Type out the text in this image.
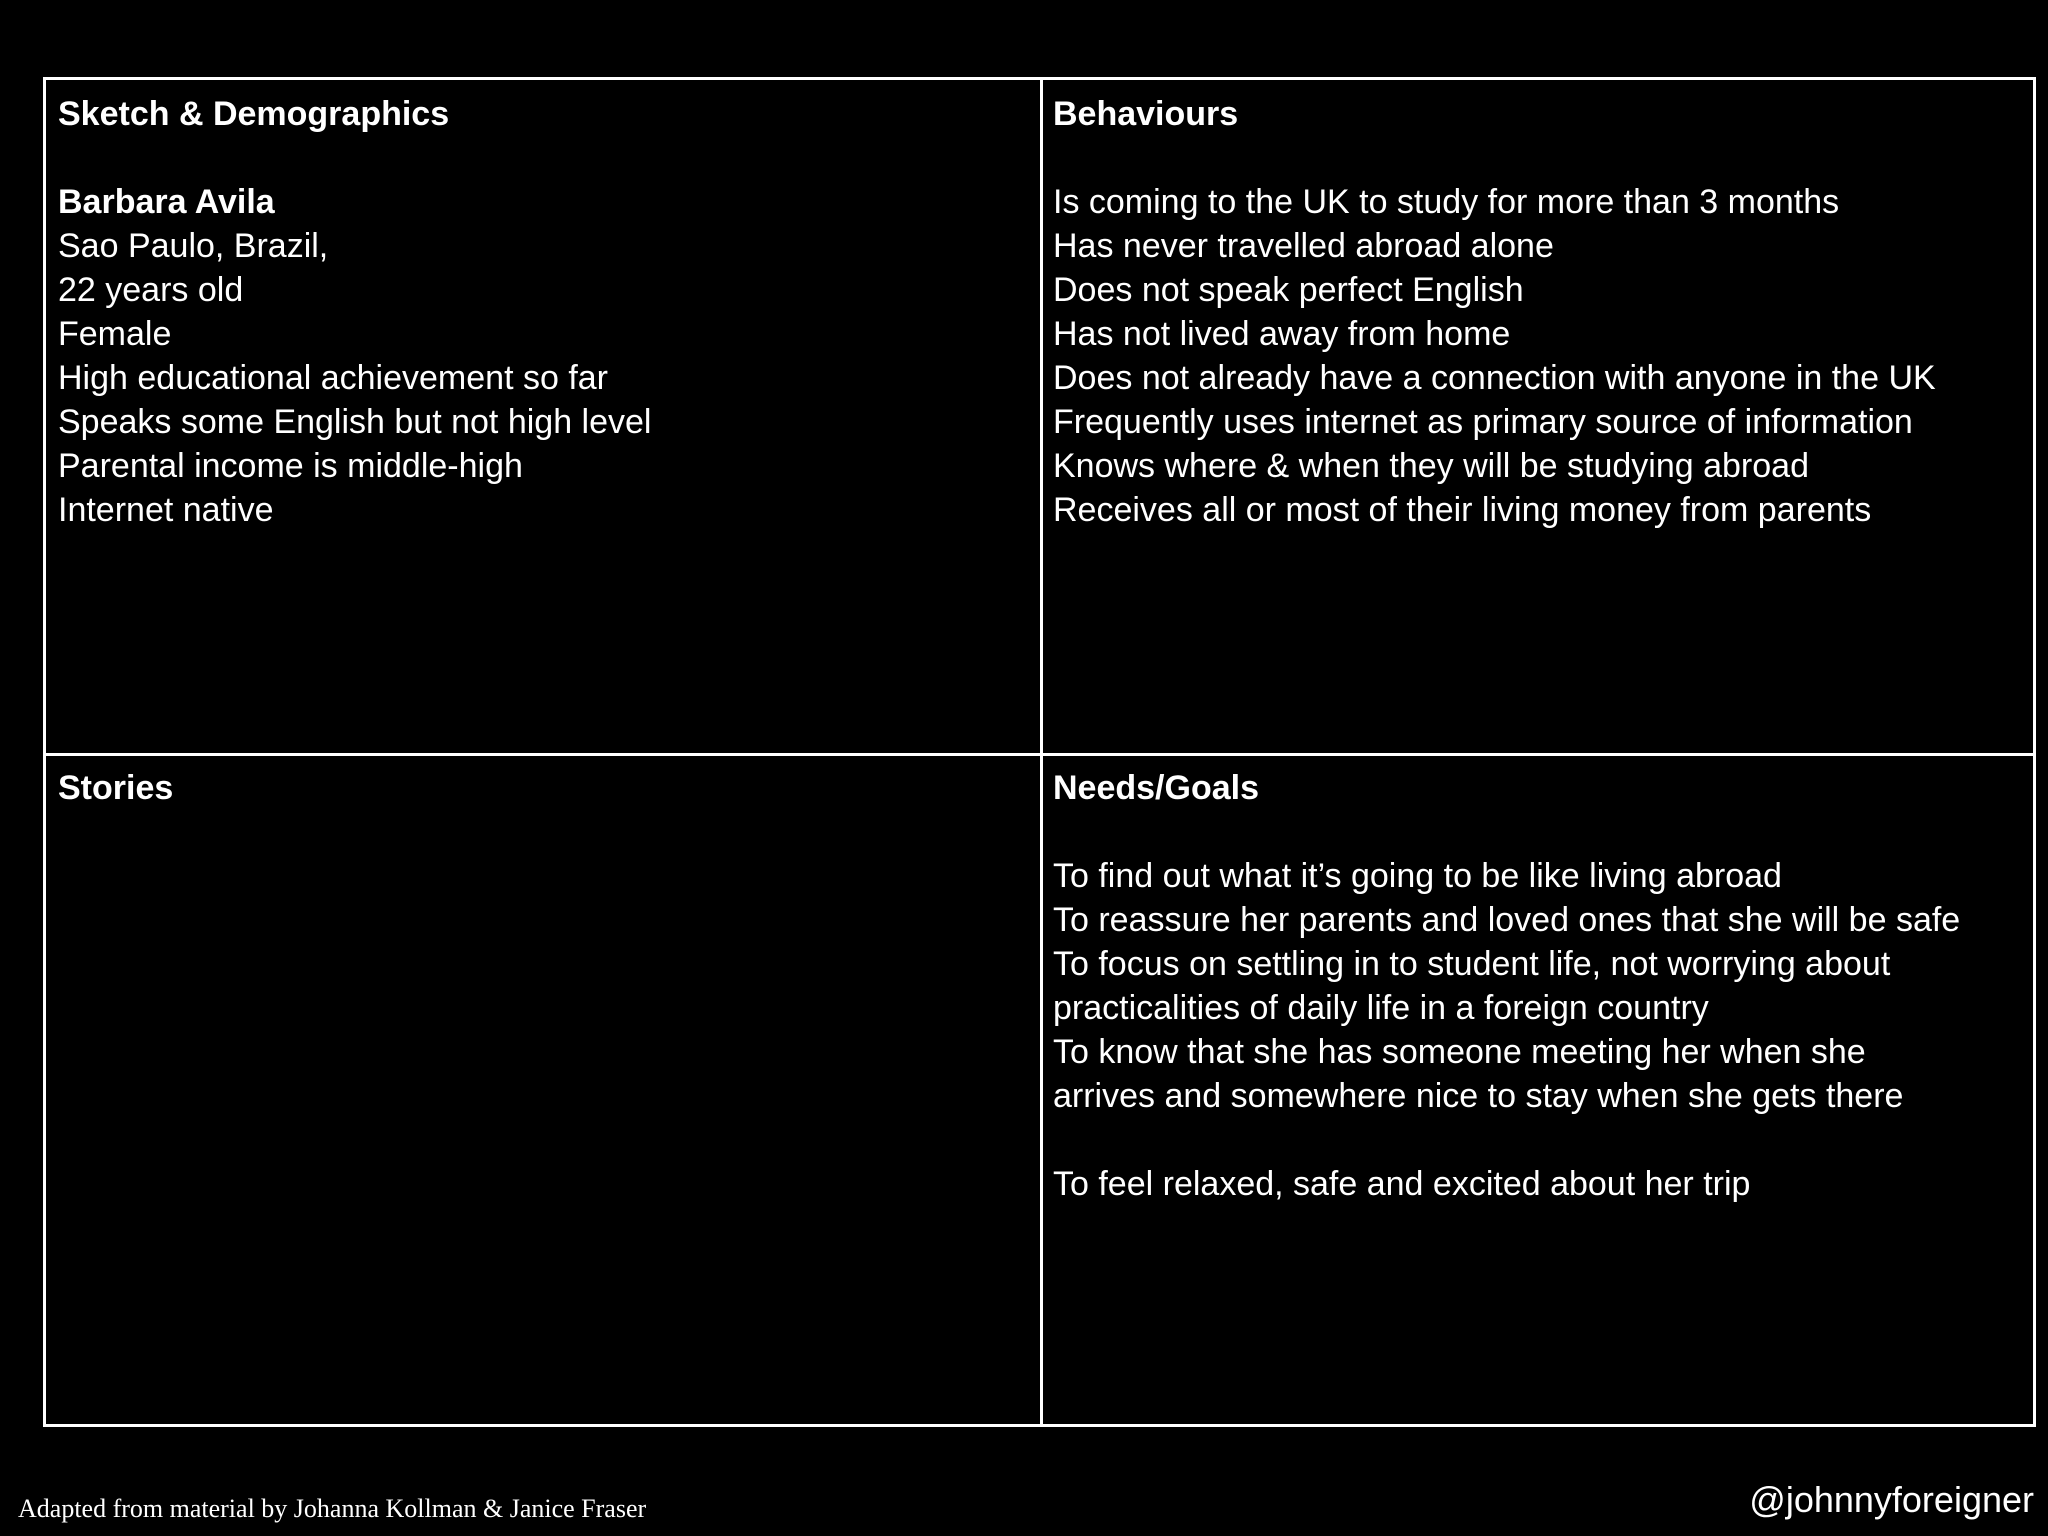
Sketch & Demographics
Barbara Avila
Sao Paulo, Brazil,
22 years old
Female
High educational achievement so far
Speaks some English but not high level
Parental income is middle-high
Internet native
Behaviours
Is coming to the UK to study for more than 3 months
Has never travelled abroad alone
Does not speak perfect English
Has not lived away from home
Does not already have a connection with anyone in the UK
Frequently uses internet as primary source of information
Knows where & when they will be studying abroad
Receives all or most of their living money from parents
Stories	Needs/Goals
To find out what it’s going to be like living abroad
To reassure her parents and loved ones that she will be safe
To focus on settling in to student life, not worrying about
practicalities of daily life in a foreign country
To know that she has someone meeting her when she
arrives and somewhere nice to stay when she gets there
To feel relaxed, safe and excited about her trip
Adapted from material by Johanna Kollman & Janice Fraser	@johnnyforeigner
